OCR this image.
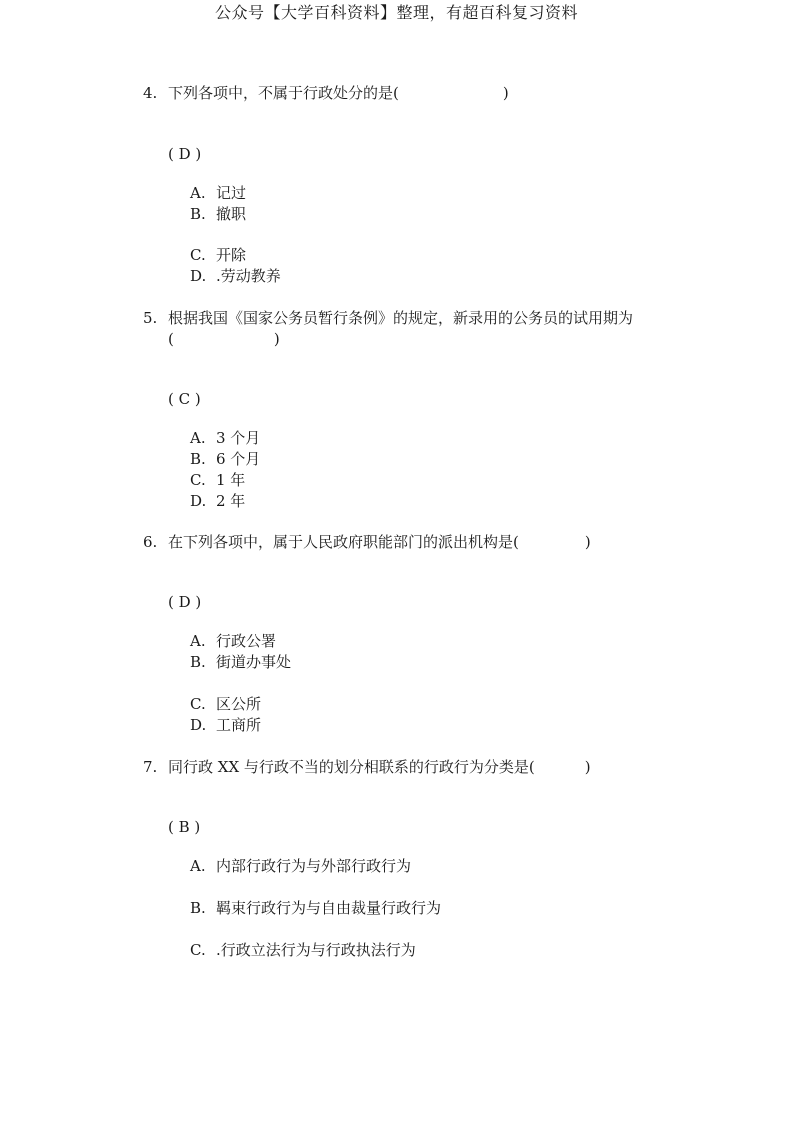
公众号【大学百科资料】整理，有超百科复习资料
4. 下列各项中，不属于行政处分的是(	)
( D )
A. 记过
B. 撤职
C. 开除
D. .劳动教养
5. 根据我国《国家公务员暂行条例》的规定，新录用的公务员的试用期为
(	)
( C )
A. 3 个月
B. 6 个月
C. 1 年
D. 2 年
6. 在下列各项中，属于人民政府职能部门的派出机构是(	)
( D )
A. 行政公署
B. 街道办事处
C. 区公所
D. 工商所
7. 同行政 XX 与行政不当的划分相联系的行政行为分类是(	)
( B )
A. 内部行政行为与外部行政行为
B. 羁束行政行为与自由裁量行政行为
C. .行政立法行为与行政执法行为
